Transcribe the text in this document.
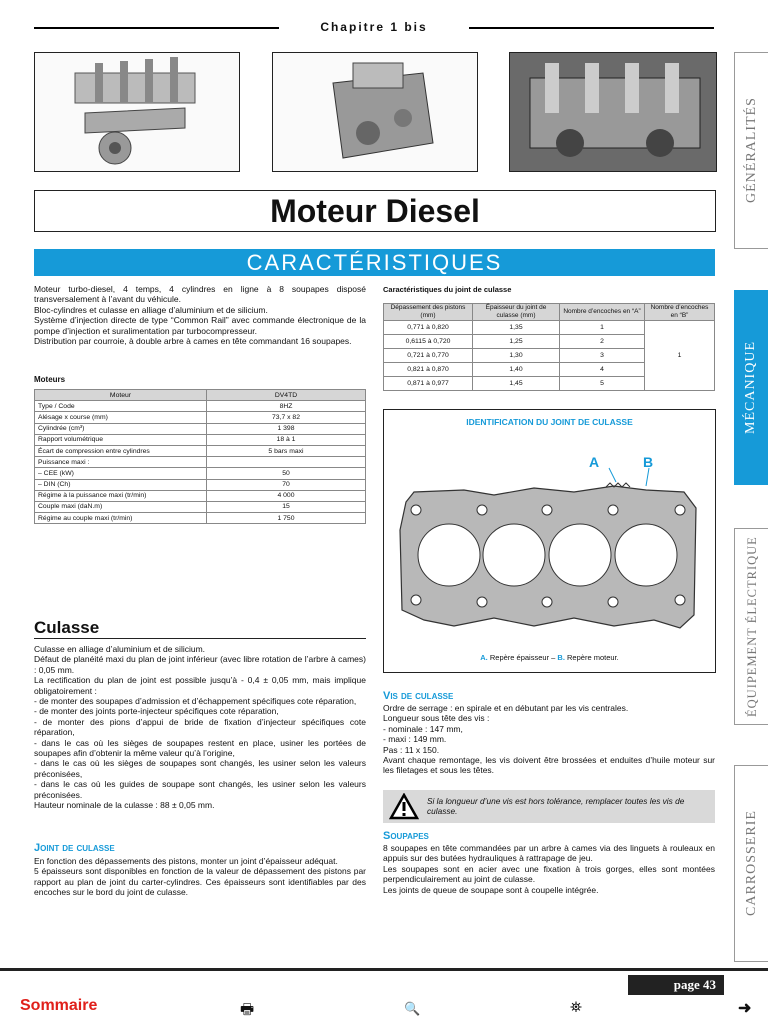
Chapitre 1 bis
Moteur Diesel
CARACTÉRISTIQUES
Moteur turbo-diesel, 4 temps, 4 cylindres en ligne à 8 soupapes disposé transversalement à l’avant du véhicule.
Bloc-cylindres et culasse en alliage d’aluminium et de silicium.
Système d’injection directe de type “Common Rail” avec commande électronique de la pompe d’injection et suralimentation par turbocompresseur.
Distribution par courroie, à double arbre à cames en tête commandant 16 soupapes.
Moteurs
Moteur	DV4TD
Type / Code	8HZ
Alésage x course (mm)	73,7 x 82
Cylindrée (cm³)	1 398
Rapport volumétrique	18 à 1
Écart de compression entre cylindres	5 bars maxi
Puissance maxi :	
– CEE (kW)	50
– DIN (Ch)	70
Régime à la puissance maxi (tr/min)	4 000
Couple maxi (daN.m)	15
Régime au couple maxi (tr/min)	1 750
Culasse
Culasse en alliage d’aluminium et de silicium.
Défaut de planéité maxi du plan de joint inférieur (avec libre rotation de l’arbre à cames) : 0,05 mm.
La rectification du plan de joint est possible jusqu’à - 0,4 ± 0,05 mm, mais implique obligatoirement :
- de monter des soupapes d’admission et d’échappement spécifiques cote réparation,
- de monter des joints porte-injecteur spécifiques cote réparation,
- de monter des pions d’appui de bride de fixation d’injecteur spécifiques cote réparation,
- dans le cas où les sièges de soupapes restent en place, usiner les portées de soupapes afin d’obtenir la même valeur qu’à l’origine,
- dans le cas où les sièges de soupapes sont changés, les usiner selon les valeurs préconisées,
- dans le cas où les guides de soupape sont changés, les usiner selon les valeurs préconisées.
Hauteur nominale de la culasse : 88 ± 0,05 mm.
Joint de culasse
En fonction des dépassements des pistons, monter un joint d’épaisseur adéquat.
5 épaisseurs sont disponibles en fonction de la valeur de dépassement des pistons par rapport au plan de joint du carter-cylindres. Ces épaisseurs sont identifiables par des encoches sur le bord du joint de culasse.
Caractéristiques du joint de culasse
Dépassement des pistons (mm)	Épaisseur du joint de culasse (mm)	Nombre d’encoches en “A”	Nombre d’encoches en “B”
0,771 à 0,820	1,35	1	1
0,6115 à 0,720	1,25	2	
0,721 à 0,770	1,30	3	
0,821 à 0,870	1,40	4	
0,871 à 0,977	1,45	5	
IDENTIFICATION DU JOINT DE CULASSE
A	B
A. Repère épaisseur – B. Repère moteur.
Vis de culasse
Ordre de serrage : en spirale et en débutant par les vis centrales.
Longueur sous tête des vis :
- nominale : 147 mm,
- maxi : 149 mm.
Pas : 11 x 150.
Avant chaque remontage, les vis doivent être brossées et enduites d’huile moteur sur les filetages et sous les têtes.
Si la longueur d’une vis est hors tolérance, remplacer toutes les vis de culasse.
Soupapes
8 soupapes en tête commandées par un arbre à cames via des linguets à rouleaux en appuis sur des butées hydrauliques à rattrapage de jeu.
Les soupapes sont en acier avec une fixation à trois gorges, elles sont montées perpendiculairement au joint de culasse.
Les joints de queue de soupape sont à coupelle intégrée.
GÉNÉRALITÉS
MÉCANIQUE
ÉQUIPEMENT ÉLECTRIQUE
CARROSSERIE
page 43
Sommaire	🖶	🔍	⛯	➜
